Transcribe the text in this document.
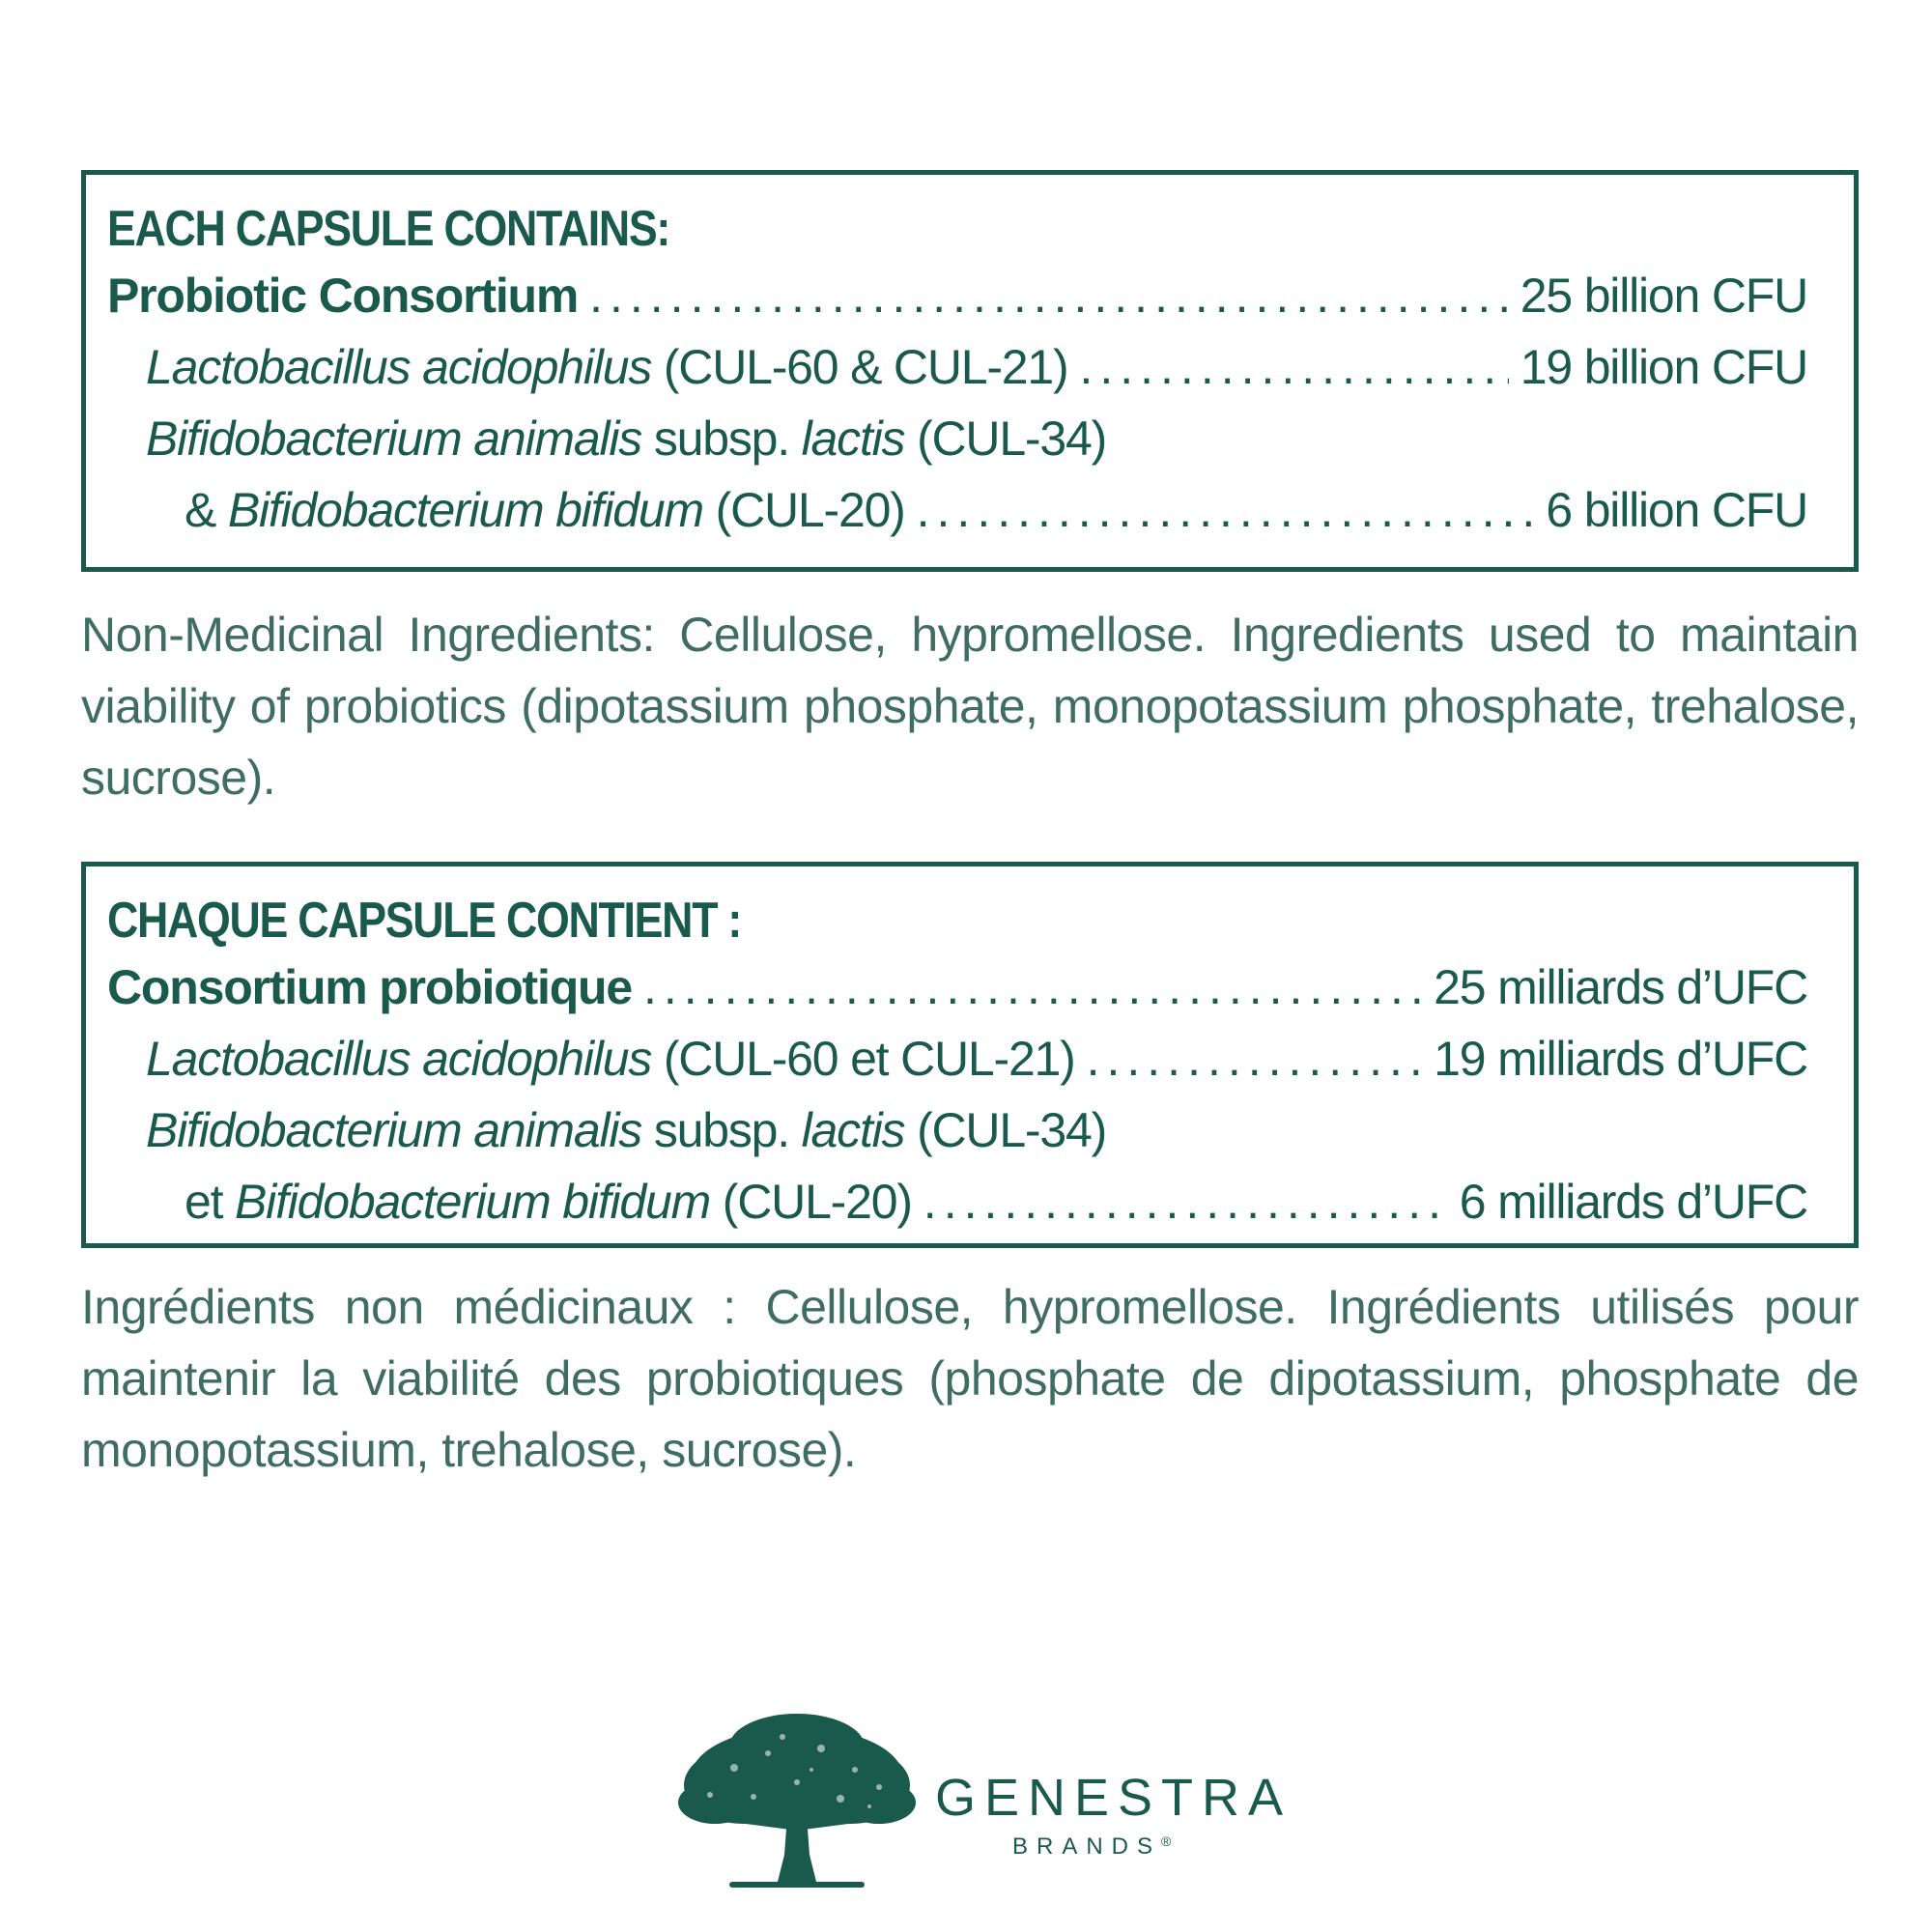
EACH CAPSULE CONTAINS:
Probiotic Consortium .....	25 billion CFU
Lactobacillus acidophilus (CUL-60 & CUL-21) .....	19 billion CFU
Bifidobacterium animalis subsp. lactis (CUL-34)
& Bifidobacterium bifidum (CUL-20) .....	6 billion CFU
Non-Medicinal Ingredients: Cellulose, hypromellose. Ingredients used to maintain viability of probiotics (dipotassium phosphate, monopotassium phosphate, trehalose, sucrose).
CHAQUE CAPSULE CONTIENT :
Consortium probiotique .....	25 milliards d’UFC
Lactobacillus acidophilus (CUL-60 et CUL-21) .....	19 milliards d’UFC
Bifidobacterium animalis subsp. lactis (CUL-34)
et Bifidobacterium bifidum (CUL-20) .....	6 milliards d’UFC
Ingrédients non médicinaux : Cellulose, hypromellose. Ingrédients utilisés pour maintenir la viabilité des probiotiques (phosphate de dipotassium, phosphate de monopotassium, trehalose, sucrose).
GENESTRA
BRANDS®
